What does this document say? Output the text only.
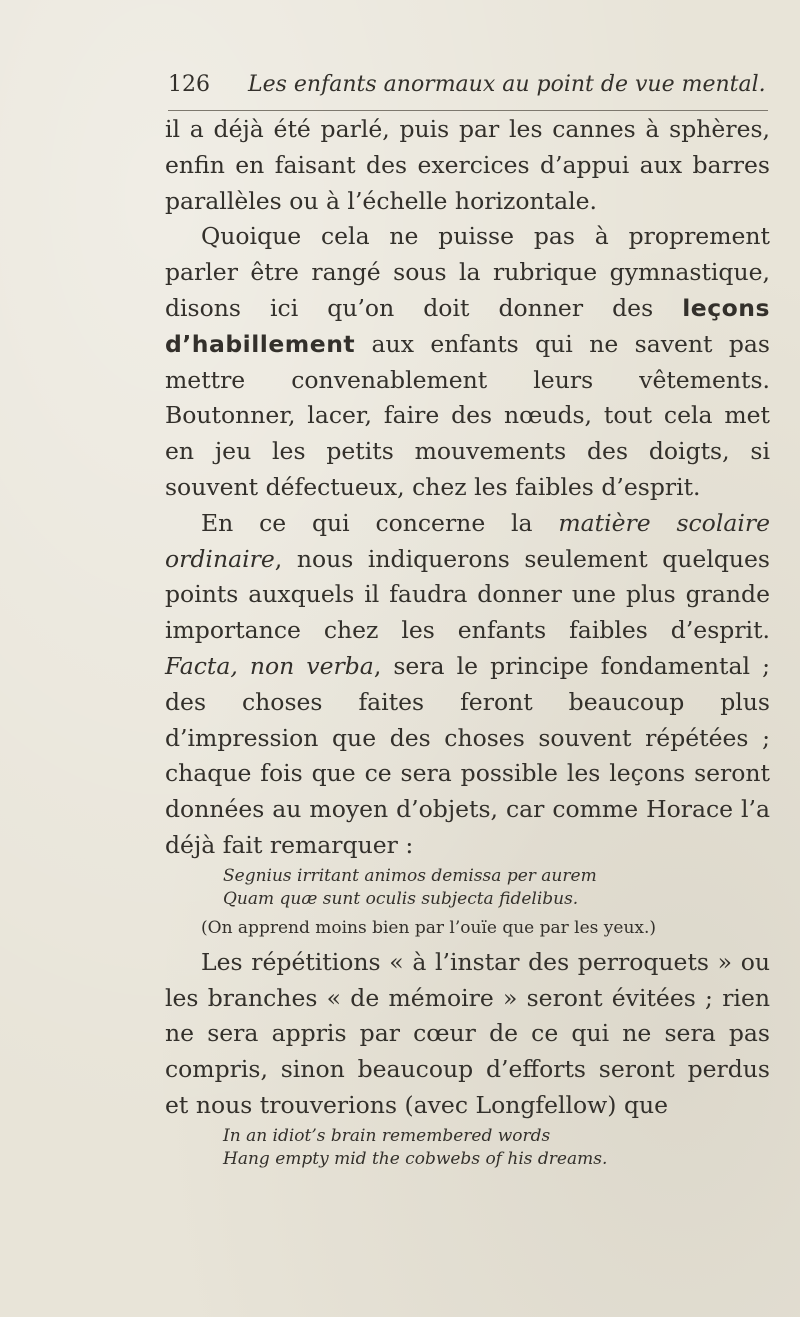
126 Les enfants anormaux au point de vue mental.

il a déjà été parlé, puis par les cannes à sphères, enfin en faisant des exercices d’appui aux barres parallèles ou à l’échelle horizontale.

Quoique cela ne puisse pas à proprement parler être rangé sous la rubrique gymnastique, disons ici qu’on doit donner des leçons d’habillement aux enfants qui ne savent pas mettre convenablement leurs vêtements. Boutonner, lacer, faire des nœuds, tout cela met en jeu les petits mouvements des doigts, si souvent défectueux, chez les faibles d’esprit.

En ce qui concerne la matière scolaire ordinaire, nous indiquerons seulement quelques points auxquels il faudra donner une plus grande importance chez les enfants faibles d’esprit. Facta, non verba, sera le principe fondamental ; des choses faites feront beaucoup plus d’impression que des choses souvent répétées ; chaque fois que ce sera possible les leçons seront données au moyen d’objets, car comme Horace l’a déjà fait remarquer :

Segnius irritant animos demissa per aurem
Quam quæ sunt oculis subjecta fidelibus.
(On apprend moins bien par l’ouïe que par les yeux.)

Les répétitions « à l’instar des perroquets » ou les branches « de mémoire » seront évitées ; rien ne sera appris par cœur de ce qui ne sera pas compris, sinon beaucoup d’efforts seront perdus et nous trouverions (avec Longfellow) que

In an idiot’s brain remembered words
Hang empty mid the cobwebs of his dreams.
